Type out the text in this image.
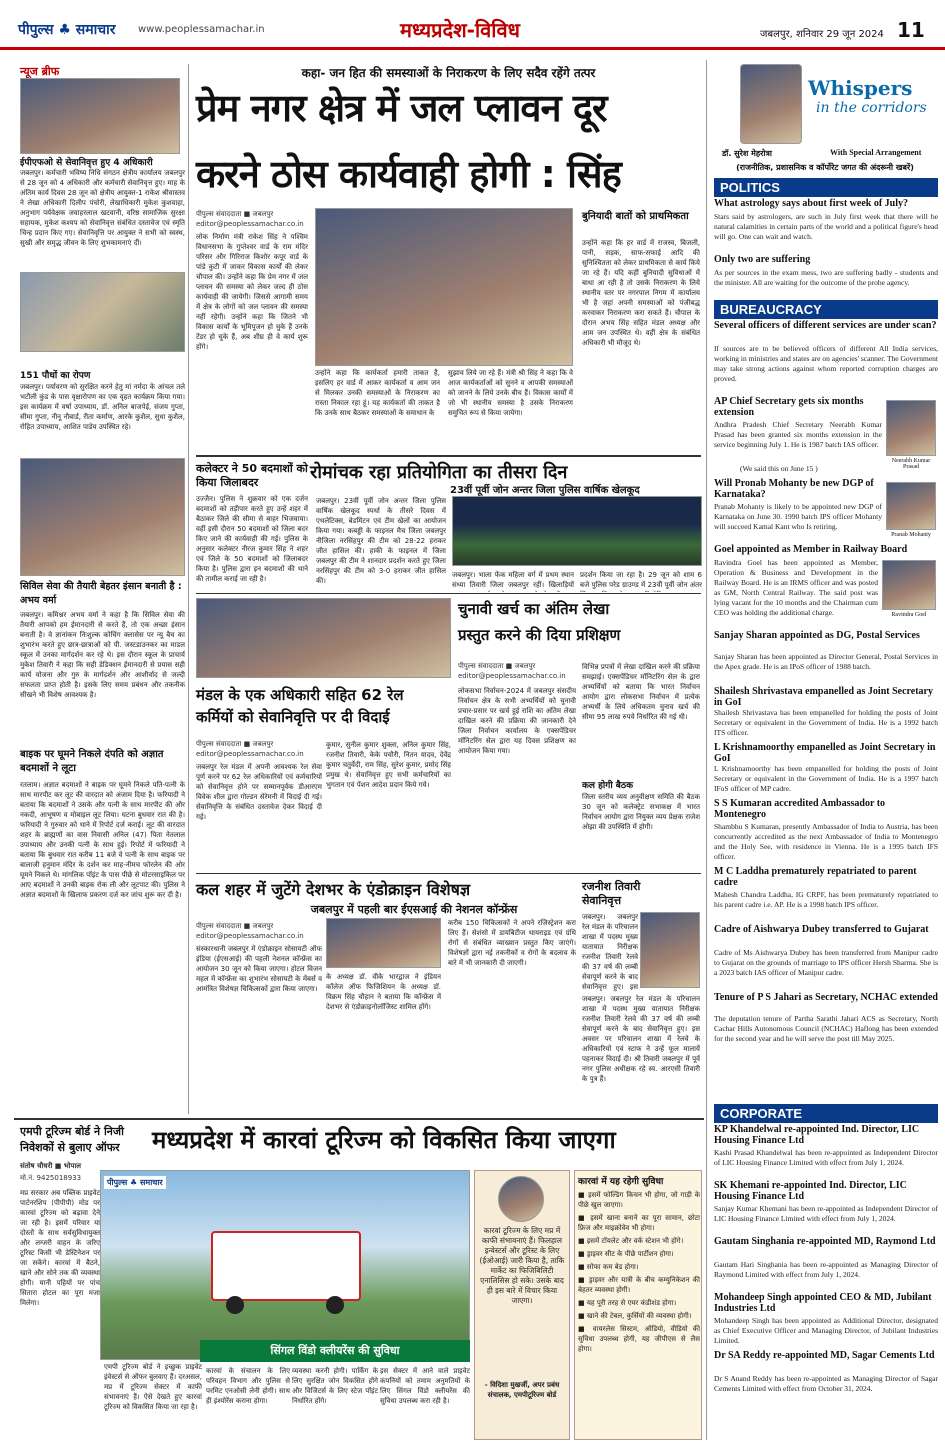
पीपुल्स ♣ समाचार www.peoplessamachar.in	मध्यप्रदेश-विविध	जबलपुर, शनिवार 29 जून 2024 11
न्यूज ब्रीफ
ईपीएफओ से सेवानिवृत्त हुए 4 अधिकारी
जबलपुर। कर्मचारी भविष्य निधि संगठन क्षेत्रीय कार्यालय जबलपुर से 28 जून को 4 अधिकारी और कर्मचारी सेवानिवृत्त हुए। माह के अंतिम कार्य दिवस 28 जून को क्षेत्रीय आयुक्त-1 राकेश श्रीवास्तव ने लेखा अधिकारी दिलीप पंचोरी, लेखाधिकारी मुकेश कुशवाहा, अनुभाग पर्यवेक्षक जवाहरलाल खटवानी, वरिष्ठ सामाजिक सुरक्षा सहायक, मुकेश कश्यप को सेवानिवृत्त संबंधित दस्तावेज एवं स्मृति चिन्ह प्रदान किए गए। सेवानिवृत्ति पर आयुक्त ने सभी को स्वस्थ, सुखी और समृद्ध जीवन के लिए शुभकामनाएं दीं।
151 पौधों का रोपण
जबलपुर। पर्यावरण को सुरक्षित करने हेतु मां नर्मदा के आंचल तले भटौली कुंड के पास वृक्षारोपण का एक वृहत कार्यक्रम किया गया। इस कार्यक्रम में वर्षा उपाध्याय, डॉ. अनिल बाजपेई, संजय गुप्ता, सीमा गुप्ता, नीनू नौबार्ड, रीता कर्माण, आरके कुशैल, सुधा कुशैल, रोहित उपाध्याय, आशित पाडेय उपस्थित रहे।
सिविल सेवा की तैयारी बेहतर इंसान बनाती है : अभय वर्मा
जबलपुर। कमिश्नर अभय वर्मा ने कहा है कि सिविल सेवा की तैयारी आपको हम ईमानदारी से करते हैं, तो एक अच्छा इंसान बनाती है। वे ज्ञानांकन निःशुल्क कोचिंग क्लासेस पर न्यू बैच का शुभारंभ करते हुए छात्र-छात्राओं को पी. जस्टडाउनकर का माडल स्कूल में उनका मार्गदर्शन कर रहे थे। इस दौरान स्कूल के प्राचार्य मुकेश तिवारी ने कहा कि सही डेडिक्शन ईमानदारी से प्रयास सही कार्य योजना और गुरु के मार्गदर्शन और आशीर्वाद से जल्दी सफलता प्राप्त होती है। इसके लिए समय प्रबंधन और तकनीक सीखने भी विशेष आवश्यक है।
बाइक पर घूमने निकले दंपति को अज्ञात बदमाशों ने लूटा
रतलाम। अज्ञात बदमाशों ने बाइक पर घूमने निकले पति-पत्नी के साथ मारपीट कर लूट की वारदात को अंजाम दिया है। फरियादी ने बताया कि बदमाशों ने उसके और पत्नी के साथ मारपीट की और नकदी, आभूषण व मोबाइल लूट लिया। घटना बुधवार रात की है। फरियादी ने गुरुवार को थाने में रिपोर्ट दर्ज कराई। लूट की वारदात शहर के ब्राह्मणों का वास निवासी अनिल (47) पिता नेतलाल उपाध्याय और उनकी पत्नी के साथ हुई। रिपोर्ट में फरियादी ने बताया कि बुधवार रात करीब 11 बजे वे पत्नी के साथ बाइक पर बालाजी हनुमान मंदिर के दर्शन कर माह-नीमच फोरलेन की ओर घूमने निकले थे। मांगलिक पॉइंट के पास पीछे से मोटरसाइकिल पर आए बदमाशों ने उनकी बाइक रोक ली और लूटपाट की। पुलिस ने अज्ञात बदमाशों के खिलाफ प्रकरण दर्ज कर जांच शुरू कर दी है।
कहा- जन हित की समस्याओं के निराकरण के लिए सदैव रहेंगे तत्पर
प्रेम नगर क्षेत्र में जल प्लावन दूर
करने ठोस कार्यवाही होगी : सिंह
पीपुल्स संवाददाता ■ जबलपुर
editor@peoplessamachar.co.in
लोक निर्माण मंत्री राकेश सिंह ने पश्चिम विधानसभा के गुप्तेश्वर वार्ड के राम मंदिर परिसर और गिरिराज किशोर कपूर वार्ड के पांडे कुटी में जाकर विकास कार्यों की लेकर चौपाल की। उन्होंने कहा कि प्रेम नगर में जल प्लावन की समस्या को लेकर जल्द ही ठोस कार्यवाही की जायेगी। जिससे आगामी समय में क्षेत्र के लोगों को जल प्लावन की समस्या नहीं रहेगी। उन्होंने कहा कि जितने भी विकास कार्यों के भूमिपूजन हो चुके हैं उनके टेंडर हो चुके हैं, अब शीघ्र ही वे कार्य शुरू होंगे।
उन्होंने कहा कि कार्यकर्ता हमारी ताकत है, इसलिए हर वार्ड में आकर कार्यकर्ता व आम जन से मिलकर उनकी समस्याओं के निराकरण का रास्ता निकाल रहा हूं। यह कार्यकर्ता की ताकत है कि उनके साथ बैठकर समस्याओं के समाधान के
सुझाव लिये जा रहे हैं। मंत्री श्री सिंह ने कहा कि वे आज कार्यकर्ताओं को सुनने व आपकी समस्याओं को जानने के लिये उनके बीच हैं। विकास कार्यों में जो भी स्थानीय समस्या है उसके निराकरण समुचित रूप से किया जायेगा।
बुनियादी बातों को प्राथमिकता
उन्होंने कहा कि हर वार्ड में राजस्व, बिजली, पानी, सड़क, साफ-सफाई आदि की सुनिश्चितता को लेकर प्राथमिकता से कार्य किये जा रहे हैं। यदि कहीं बुनियादी सुविधाओं में बाधा आ रही है तो उसके निराकरण के लिये स्थानीय स्तर पर नगरपाल निगम में कार्यालय भी है जहां अपनी समस्याओं को पंजीबद्ध करवाकर निराकरण करा सकते हैं। चौपाल के दौरान अभय सिंह सहित मंडल अध्यक्ष और आम जन उपस्थित थे। वहीं क्षेत्र के संबंधित अधिकारी भी मौजूद थे।
कलेक्टर ने 50 बदमाशों को किया जिलाबदर
उज्जैन। पुलिस ने शुक्रवार को एक दर्जन बदमाशों को तड़ीपार करते हुए उन्हें शहर में बैठाकर जिले की सीमा से बाहर भिजवाया। वहीं इसी दौरान 50 बदमाशों को जिला बदर किए जाने की कार्यवाही की गई। पुलिस के अनुसार कलेक्टर नीरज कुमार सिंह ने शहर एवं जिले के 50 बदमाशों को जिलाबदर किया है। पुलिस द्वारा इन बदमाशों की थाने की तामील कराई जा रही है।
रोमांचक रहा प्रतियोगिता का तीसरा दिन
23वीं पूर्वी जोन अन्तर जिला पुलिस वार्षिक खेलकूद
जबलपुर। 23वीं पूर्वी जोन अन्तर जिला पुलिस वार्षिक खेलकूद स्पर्धा के तीसरे दिवस में एथलेटिक्स, बेडमिंटन एवं टीम खेलों का आयोजन किया गया। कबड्डी के फाइनल मैच जिला जबलपुर नीजिला नरसिंहपुर की टीम को 28-22 हराकर जीत हासिल की। हाकी के फाइनल में जिला जबलपुर की टीम ने शानदार प्रदर्शन करते हुए जिला नरसिंहपुर की टीम को 3-0 हराकर जीत हासिल की।
जबलपुर। भाला फेंक महिला वर्ग में प्रथम स्थान संध्या तिवारी जिला जबलपुर रहीं। खिलाड़ियों
प्रदर्शन किया जा रहा है। 29 जून को शाम 6 बजे पुलिस परेड ग्राउण्ड में 23वीं पूर्वी जोन अंतर
मंडल के एक अधिकारी सहित 62 रेल
कर्मियों को सेवानिवृत्ति पर दी विदाई
पीपुल्स संवाददाता ■ जबलपुर
editor@peoplessamachar.co.in
जबलपुर रेल मंडल में अपनी आवश्यक रेल सेवा पूर्ण करने पर 62 रेल अधिकारियों एवं कर्मचारियों को सेवानिवृत्त होने पर सम्मानपूर्वक डीआरएम विवेक शील द्वारा गोल्डन सेरेमनी में विदाई दी गई। सेवानिवृत्ति के संबंधित दस्तावेज देकर विदाई दी गई।
कुमार, सुनील कुमार शुक्ला, अनिल कुमार सिंह, रजनीश तिवारी, केके पचौरी, नितन यादव, देवेंद्र कुमार चतुर्वेदी, राम सिंह, सुरेश कुमार, प्रमोद सिंह प्रमुख थे। सेवानिवृत्त हुए सभी कर्मचारियों का भुगतान एवं पेंशन आदेश प्रदान किये गये।
चुनावी खर्च का अंतिम लेखा
प्रस्तुत करने की दिया प्रशिक्षण
पीपुल्स संवाददाता ■ जबलपुर
editor@peoplessamachar.co.in
लोकसभा निर्वाचन-2024 में जबलपुर संसदीय निर्वाचन क्षेत्र के सभी अभ्यर्थियों को चुनावी प्रचार-प्रसार पर खर्च हुई राशि का अंतिम लेखा दाखिल करने की प्रक्रिया की जानकारी देने जिला निर्वाचन कार्यालय के एक्सपेंडिचर मॉनिटरिंग सेल द्वारा यह दिवस प्रशिक्षण का आयोजन किया गया।
विभिन्न प्रपत्रों में लेखा दाखिल करने की प्रक्रिया समझाई। एक्सपेंडिचर मॉनिटरिंग सेल के द्वारा अभ्यर्थियों को बताया कि भारत निर्वाचन आयोग द्वारा लोकसभा निर्वाचन में प्रत्येक अभ्यर्थी के लिये अधिकतम चुनाव खर्च की सीमा 95 लाख रुपये निर्धारित की गई थी।
कल होगी बैठक
जिला स्तरीय व्यय अनुवीक्षण समिति की बैठक 30 जून को कलेक्ट्रेट सभाकक्ष में भारत निर्वाचन आयोग द्वारा नियुक्त व्यय प्रेक्षक राजेश ओझा की उपस्थिति में होगी।
कल शहर में जुटेंगे देशभर के एंडोक्राइन विशेषज्ञ
जबलपुर में पहली बार ईएसआई की नेशनल कॉन्फ्रेंस
पीपुल्स संवाददाता ■ जबलपुर
editor@peoplessamachar.co.in
संस्कारधानी जबलपुर में एंडोक्राइन सोसायटी ऑफ इंडिया (ईएसआई) की पहली नेशनल कॉन्फ्रेंस का आयोजन 30 जून को किया जाएगा। होटल विजन महल में कॉन्फ्रेंस का शुभारंभ सोसायटी के मेंबर्स व आमंत्रित विशेषज्ञ चिकित्सकों द्वारा किया जाएगा।
के अध्यक्ष डॉ. वीके भारद्वाज ने इंडियन कॉलेज ऑफ फिजिशियन के अध्यक्ष डॉ. विक्रम सिंह चौहान ने बताया कि कॉन्फ्रेंस में देशभर से एंडोक्राइनोलॉजिस्ट शामिल होंगे।
करीब 150 चिकित्सकों ने अपने रजिस्ट्रेशन करा लिए हैं। सेशंसो में डायबिटीज थायराइड एवं ग्रंथि रोगों से संबंधित व्याख्यान प्रस्तुत किए जाएंगे। विशेषज्ञों द्वारा नई तकनीकों व रोगों के बदलाव के बारे में भी जानकारी दी जाएगी।
रजनीश तिवारी
सेवानिवृत्त
जबलपुर। जबलपुर रेल मंडल के परिचालन शाखा में पदस्थ मुख्य यातायात निरीक्षक रजनीश तिवारी रेलवे की 37 वर्ष की लम्बी सेवापूर्ण करने के बाद सेवानिवृत्त हुए। इस
जबलपुर। जबलपुर रेल मंडल के परिचालन शाखा में पदस्थ मुख्य यातायात निरीक्षक रजनीश तिवारी रेलवे की 37 वर्ष की लम्बी सेवापूर्ण करने के बाद सेवानिवृत्त हुए। इस अवसर पर परिचालन शाखा में रेलवे के अधिकारियों एवं स्टाफ ने उन्हें फूल मालायें पहनाकर विदाई दी। श्री तिवारी जबलपुर में पूर्व नगर पुलिस अधीक्षक रहे स्व. आरएसी तिवारी के पुत्र हैं।
एमपी टूरिज्म बोर्ड ने निजी
निवेशकों से बुलाए ऑफर	मध्यप्रदेश में कारवां टूरिज्म को विकसित किया जाएगा
संतोष चौधरी ■ भोपाल
मो.नं. 9425018933
मप्र सरकार अब पब्लिक प्राइवेट पार्टनरशिप (पीपीपी) मोड पर कारवां टूरिज्म को बढ़ावा देने जा रही है। इसमें परिवार या दोस्तों के साथ सर्वसुविधायुक्त और लग्जरी वाहन के जरिए टूरिस्ट किसी भी डेस्टिनेशन पर जा सकेंगे। कारवां में बैठने, खाने और सोने तक की व्यवस्था होगी। यानी पहियों पर पांच सितारा होटल का पूरा मजा मिलेगा।
पीपुल्स ♣ समाचार
एमपी टूरिज्म बोर्ड ने इच्छुक प्राइवेट इंवेस्टर्स से ऑफर बुलवाए हैं। दरअसल, मप्र में टूरिज्म सेक्टर में काफी संभावनाएं हैं। ऐसे देखते हुए कारवां टूरिज्म को विकसित किया जा रहा है।
सिंगल विंडो क्लीयरेंस की सुविधा
कारवां के संचालन के लिए परिवहन विभाग और पुलिस से परमिट एनओसी लेनी होगी। साथ ही इंश्योरेंस कराना होगा।
व्यवस्था करनी होगी। पार्किंग के लिए सुरक्षित जोन विकसित होंगे और विजिटर्स के लिए स्टेज पॉइंट निर्धारित होंगे।
इस सेक्टर में आने वाले प्राइवेट कंपनियों को तमाम अनुमतियों के लिए सिंगल विंडो क्लीयरेंस की सुविधा उपलब्ध करा रही है।
कारवां टूरिज्म के लिए मप्र में काफी संभावनाएं हैं। फिलहाल इन्वेस्टर्स और टूरिस्ट के लिए (ईओआई) जारी किया है, ताकि मार्केट का फिजिबिलिटी एनालिसिस हो सके। उसके बाद ही इस बारे में विचार किया जाएगा।
- विदिशा मुखर्जी, अपर प्रबंध संचालक, एमपीटूरिज्म बोर्ड
कारवां में यह रहेगी सुविधा
■ इसमें फोल्डिंग किचन भी होगा, जो गाड़ी के पीछे खुल जाएगा।
■ इसमें खाना बनाने का पूरा सामान, छोटा फ्रिज और माइक्रोवेव भी होगा।
■ इसमें टॉयलेट और वर्क स्टेशन भी होंगे।
■ ड्राइवर सीट के पीछे पार्टीशन होगा।
■ सोफा कम बेड होगा।
■ ड्राइवर और यात्री के बीच कम्युनिकेशन की बेहतर व्यवस्था होगी।
■ यह पूरी तरह से एयर कंडीशंड होगा।
■ खाने की टेबल, कुर्सियों की व्यवस्था होगी।
■ वायरलेस सिस्टम, ऑडियो, वीडियो की सुविधा उपलब्ध होगी, यह जीपीएस से लैस होगा।
Whispers
in the corridors
डॉ. सुरेश मेहरोत्रा	With Special Arrangement
(राजनीतिक, प्रशासनिक व कॉर्पोरेट जगत की अंदरूनी खबरें)
POLITICS
What astrology says about first week of July?
Stars said by astrologers, are such in July first week that there will be natural calamities in certain parts of the world and a political figure's head will go. One can wait and watch.
Only two are suffering
As per sources in the exam mess, two are suffering badly - students and the minister. All are waiting for the outcome of the probe agency.
BUREAUCRACY
Several officers of different services are under scan?
If sources are to be believed officers of different All India services, working in ministries and states are on agencies' scanner. The Government may take strong actions against whom reported corruption charges are proved.
AP Chief Secretary gets six months extension
Andhra Pradesh Chief Secretary Neerabh Kumar Prasad has been granted six months extension in the service beginning July 1. He is 1987 batch IAS officer.
(We said this on June 15 )
Neerabh Kumar Prasad
Will Pronab Mohanty be new DGP of Karnataka?
Pranab Mohanty is likely to be appointed new DGP of Karnataka on June 30. 1990 batch IPS officer Mohanty will succeed Kamal Kant who Is retiring.
Pranab Mohanty
Goel appointed as Member in Railway Board
Ravindra Goel has been appointed as Member, Operation & Business and Development in the Railway Board. He is an IRMS officer and was posted as GM, North Central Railway. The said post was lying vacant for the 10 months and the Chairman cum CEO was holding the additional charge.	Ravindra Goel
Sanjay Sharan appointed as DG, Postal Services
Sanjay Sharan has been appointed as Director General, Postal Services in the Apex grade. He is an IPoS officer of 1988 batch.
Shailesh Shrivastava empanelled as Joint Secretary in GoI
Shailesh Shrivastava has been empanelled for holding the posts of Joint Secretary or equivalent in the Government of India. He is a 1992 batch ITS officer.
L Krishnamoorthy empanelled as Joint Secretary in GoI
L Krishnamoorthy has been empanelled for holding the posts of Joint Secretary or equivalent in the Government of India. He is a 1997 batch IFoS officer of MP cadre.
S S Kumaran accredited Ambassador to Montenegro
Shambhu S Kumaran, presently Ambassador of India to Austria, has been concurrently accredited as the next Ambassador of India to Montenegro and the Holy See, with residence in Vienna. He is a 1995 batch IFS officer.
M C Laddha prematurely repatriated to parent cadre
Mahesh Chandra Laddha, IG CRPF, has been prematurely repatriated to his parent cadre i.e. AP. He is a 1998 batch IPS officer.
Cadre of Aishwarya Dubey transferred to Gujarat
Cadre of Ms Aishwarya Dubey has been transferred from Manipur cadre to Gujarat on the grounds of marriage to IPS officer Hersh Sharma. She is a 2023 batch IAS officer of Manipur cadre.
Tenure of P S Jahari as Secretary, NCHAC extended
The deputation tenure of Partha Sarathi Jahari ACS as Secretary, North Cachar Hills Autonomous Council (NCHAC) Haflong has been extended for the second year and he will serve the post till May 2025.
CORPORATE
KP Khandelwal re-appointed Ind. Director, LIC Housing Finance Ltd
Kashi Prasad Khandelwal has been re-appointed as Independent Director of LIC Housing Finance Limited with effect from July 1, 2024.
SK Khemani re-appointed Ind. Director, LIC Housing Finance Ltd
Sanjay Kumar Khemani has been re-appointed as Independent Director of LIC Housing Finance Limited with effect from July 1, 2024.
Gautam Singhania re-appointed MD, Raymond Ltd
Gautam Hari Singhania has been re-appointed as Managing Director of Raymond Limited with effect from July 1, 2024.
Mohandeep Singh appointed CEO & MD, Jubilant Industries Ltd
Mohandeep Singh has been appointed as Additional Director, designated as Chief Executive Officer and Managing Director, of Jubilant Industries Limited.
Dr SA Reddy re-appointed MD, Sagar Cements Ltd
Dr S Anand Reddy has been re-appointed as Managing Director of Sagar Cements Limited with effect from October 31, 2024.
